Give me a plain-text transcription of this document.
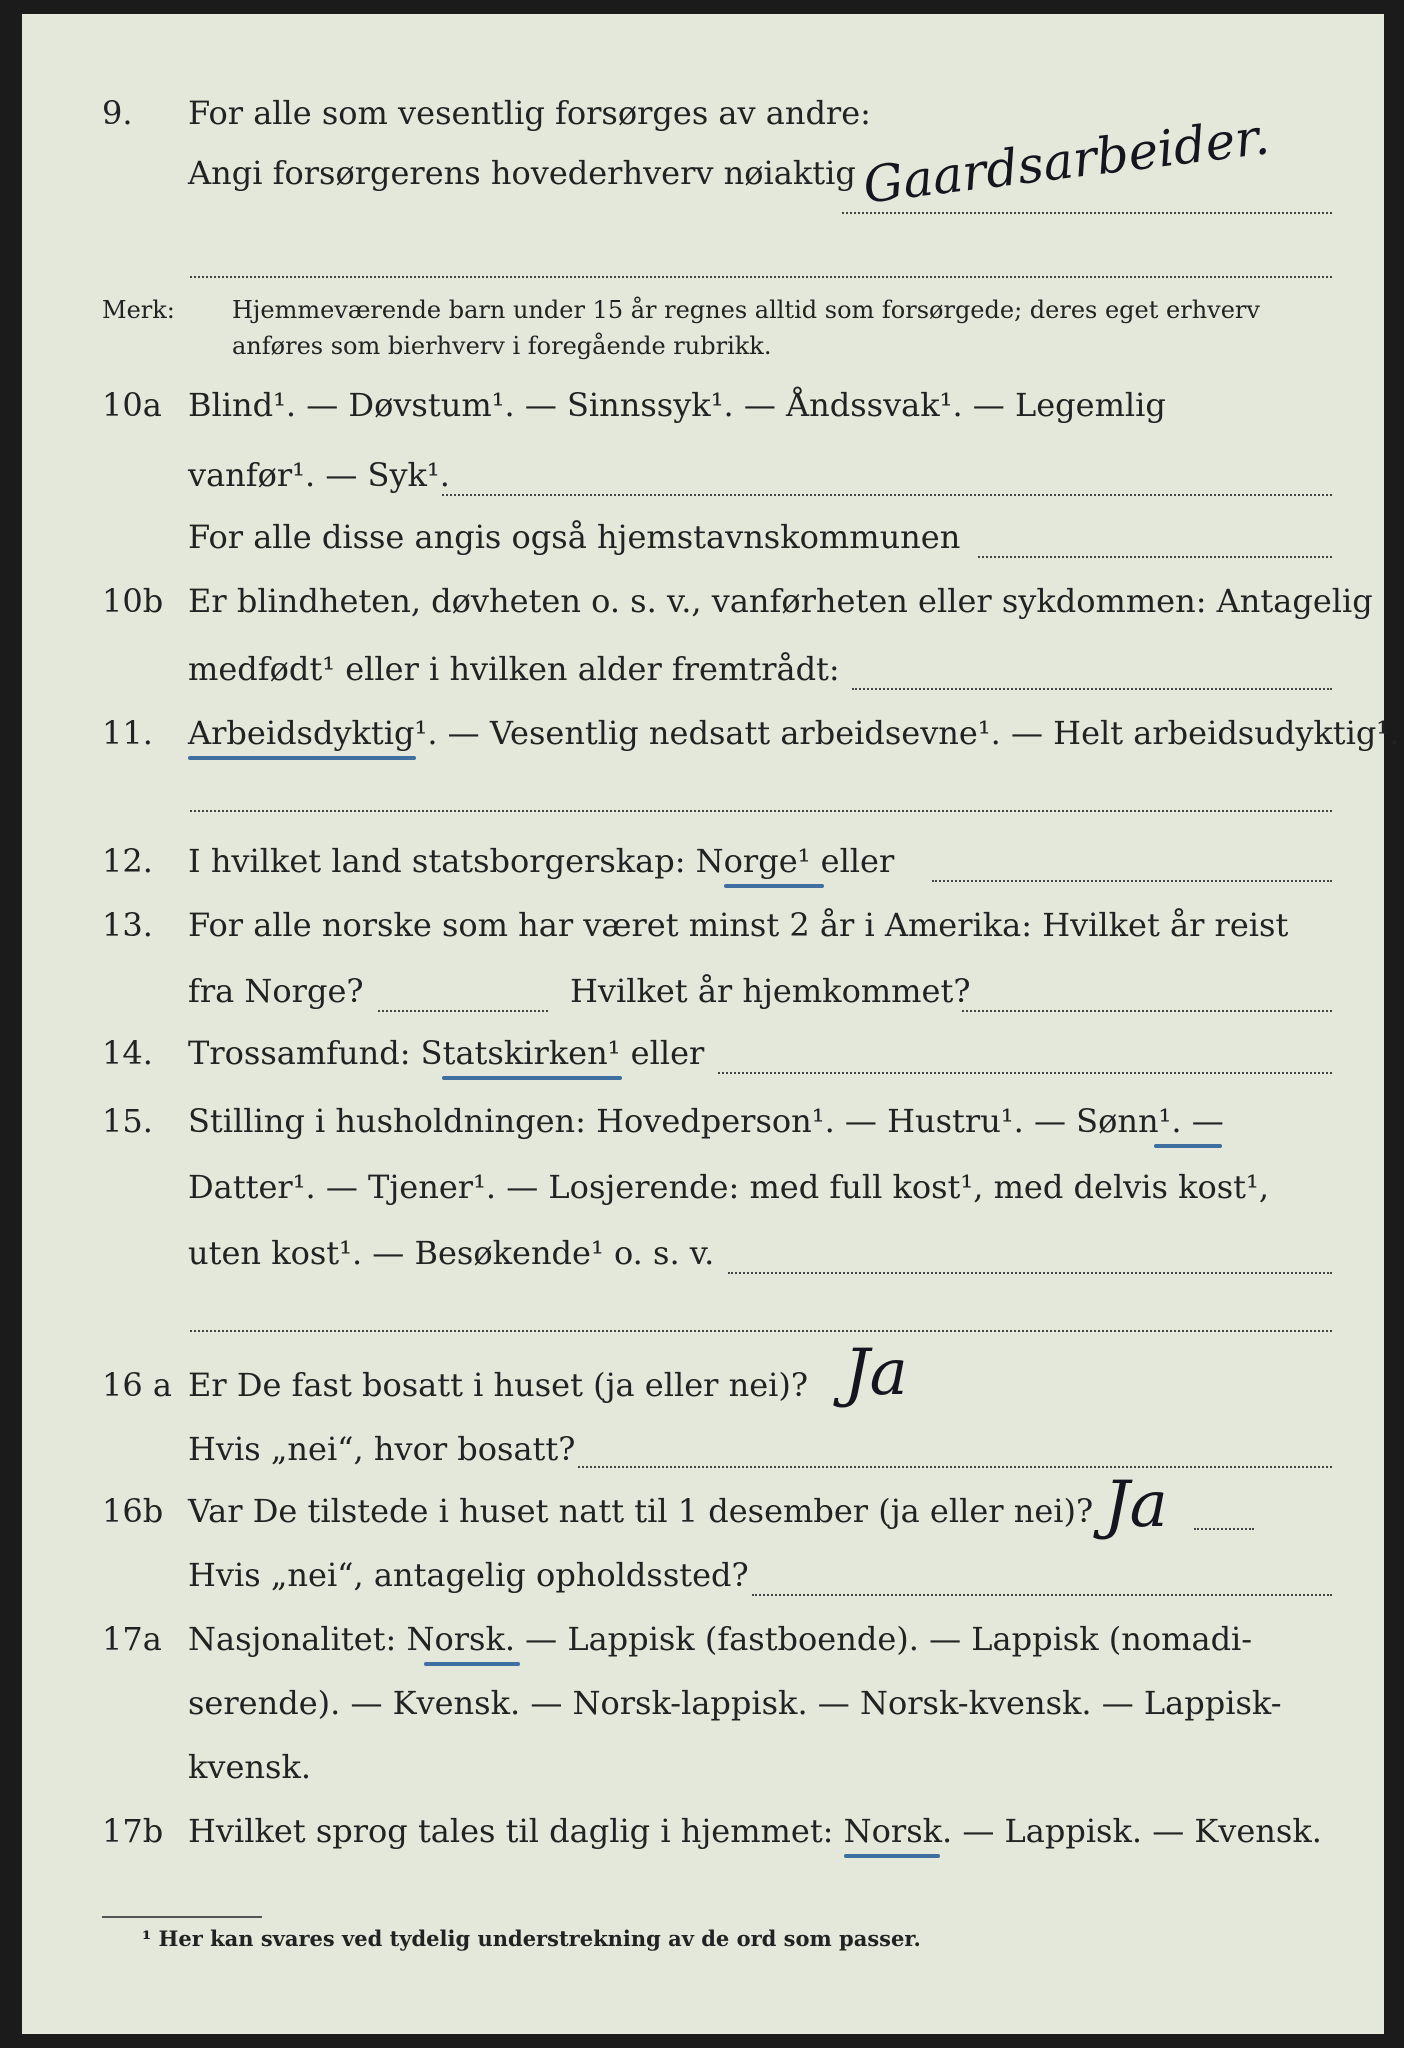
9. For alle som vesentlig forsørges av andre:
Angi forsørgerens hovederhverv nøiaktig Gaardsarbeider.
Merk: Hjemmeværende barn under 15 år regnes alltid som forsørgede; deres eget erhverv
anføres som bierhverv i foregående rubrikk.
10a Blind¹. — Døvstum¹. — Sinnssyk¹. — Åndssvak¹. — Legemlig
vanfør¹. — Syk¹.
For alle disse angis også hjemstavnskommunen
10b Er blindheten, døvheten o. s. v., vanførheten eller sykdommen: Antagelig
medfødt¹ eller i hvilken alder fremtrådt:
11. Arbeidsdyktig¹. — Vesentlig nedsatt arbeidsevne¹. — Helt arbeidsudyktig¹.
12. I hvilket land statsborgerskap: Norge¹ eller
13. For alle norske som har været minst 2 år i Amerika: Hvilket år reist
fra Norge?	Hvilket år hjemkommet?
14. Trossamfund: Statskirken¹ eller
15. Stilling i husholdningen: Hovedperson¹. — Hustru¹. — Sønn¹. —
Datter¹. — Tjener¹. — Losjerende: med full kost¹, med delvis kost¹,
uten kost¹. — Besøkende¹ o. s. v.
16 a Er De fast bosatt i huset (ja eller nei)? Ja
Hvis „nei“, hvor bosatt?
16b Var De tilstede i huset natt til 1 desember (ja eller nei)? Ja
Hvis „nei“, antagelig opholdssted?
17a Nasjonalitet: Norsk. — Lappisk (fastboende). — Lappisk (nomadi-
serende). — Kvensk. — Norsk-lappisk. — Norsk-kvensk. — Lappisk-
kvensk.
17b Hvilket sprog tales til daglig i hjemmet: Norsk. — Lappisk. — Kvensk.
¹ Her kan svares ved tydelig understrekning av de ord som passer.
